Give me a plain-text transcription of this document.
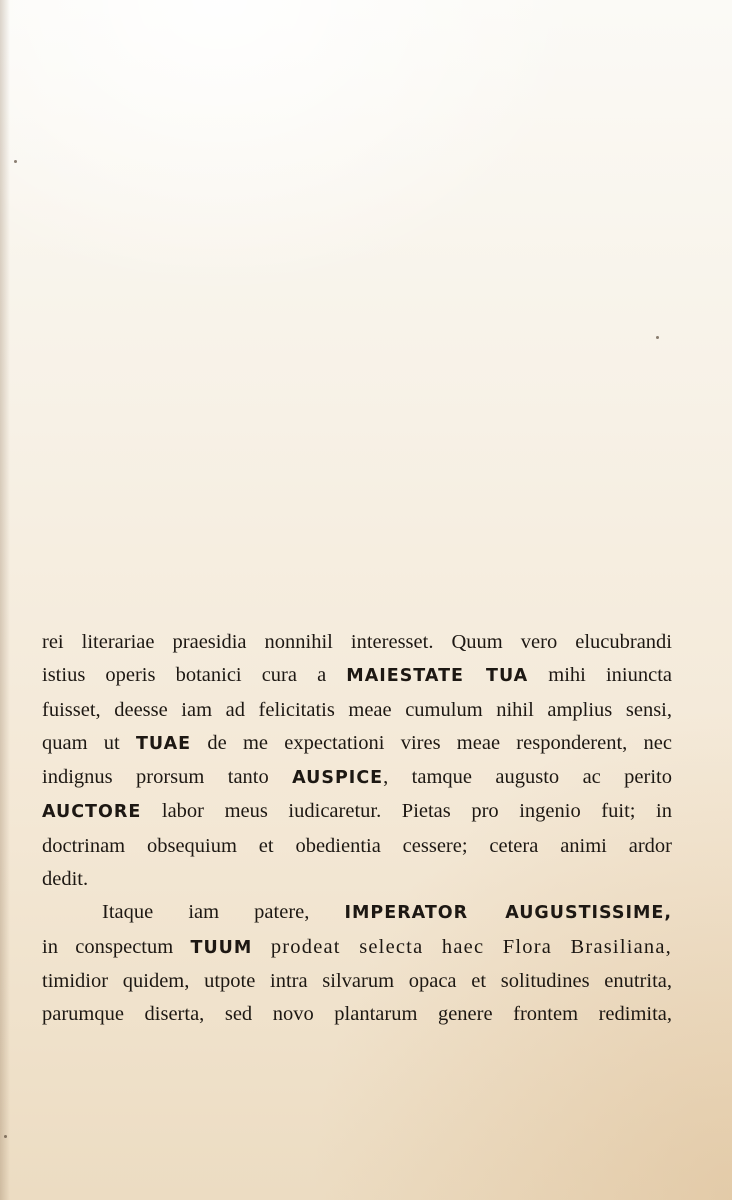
rei literariae praesidia nonnihil interesset. Quum vero elucubrandi
istius operis botanici cura a MAIESTATE TUA mihi iniuncta
fuisset, deesse iam ad felicitatis meae cumulum nihil amplius sensi,
quam ut TUAE de me expectationi vires meae responderent, nec
indignus prorsum tanto AUSPICE, tamque augusto ac perito
AUCTORE labor meus iudicaretur. Pietas pro ingenio fuit; in
doctrinam obsequium et obedientia cessere; cetera animi ardor
dedit.
Itaque iam patere, IMPERATOR AUGUSTISSIME,
in conspectum TUUM prodeat selecta haec Flora Brasiliana,
timidior quidem, utpote intra silvarum opaca et solitudines enutrita,
parumque diserta, sed novo plantarum genere frontem redimita,
